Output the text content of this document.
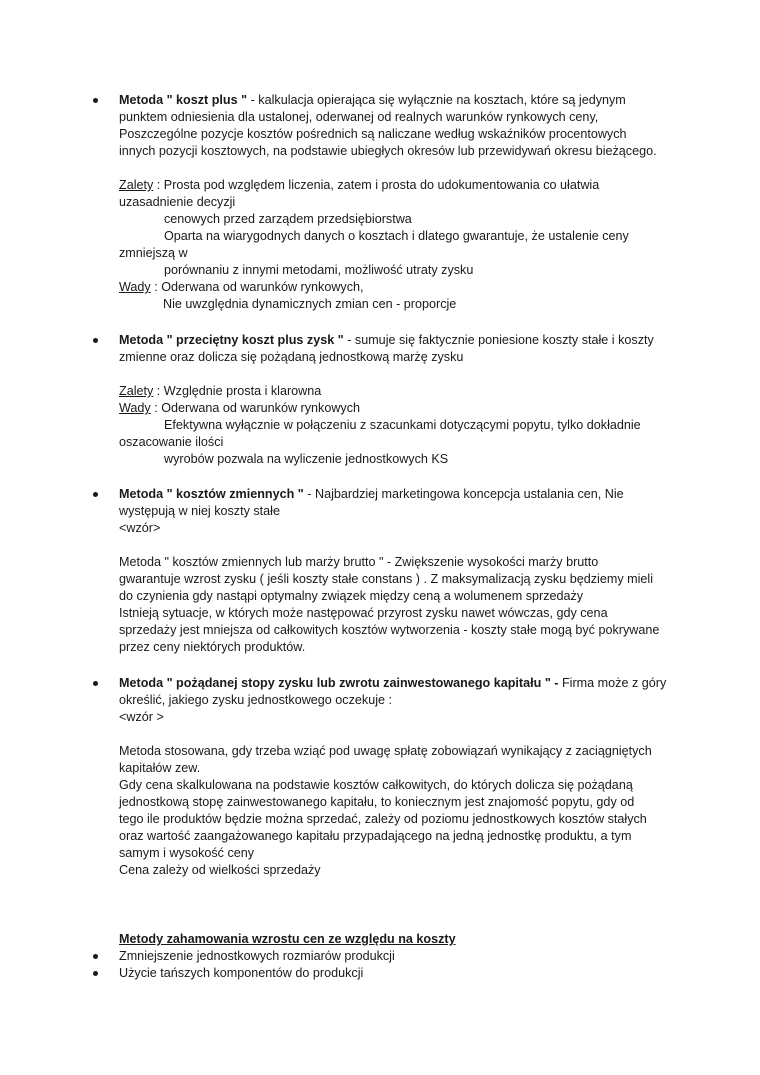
Metoda " koszt plus " - kalkulacja opierająca się wyłącznie na kosztach, które są jedynym
punktem odniesienia dla ustalonej, oderwanej od realnych warunków rynkowych ceny,
Poszczególne pozycje kosztów pośrednich są naliczane według wskaźników procentowych
innych pozycji kosztowych, na podstawie ubiegłych okresów lub przewidywań okresu bieżącego.
Zalety : Prosta pod względem liczenia, zatem i prosta do udokumentowania co ułatwia
uzasadnienie decyzji
cenowych przed zarządem przedsiębiorstwa
Oparta na wiarygodnych danych o kosztach i dlatego gwarantuje, że ustalenie ceny
zmniejszą w
porównaniu z innymi metodami, możliwość utraty zysku
Wady : Oderwana od warunków rynkowych,
Nie uwzględnia dynamicznych zmian cen - proporcje
Metoda " przeciętny koszt plus zysk " - sumuje się faktycznie poniesione koszty stałe i koszty
zmienne oraz dolicza się pożądaną jednostkową marżę zysku
Zalety : Względnie prosta i klarowna
Wady : Oderwana od warunków rynkowych
Efektywna wyłącznie w połączeniu z szacunkami dotyczącymi popytu, tylko dokładnie
oszacowanie ilości
wyrobów pozwala na wyliczenie jednostkowych KS
Metoda " kosztów zmiennych " - Najbardziej marketingowa koncepcja ustalania cen, Nie
występują w niej koszty stałe
<wzór>
Metoda " kosztów zmiennych lub marży brutto " - Zwiększenie wysokości marży brutto
gwarantuje wzrost zysku ( jeśli koszty stałe constans ) . Z maksymalizacją zysku będziemy mieli
do czynienia gdy nastąpi optymalny związek między ceną a wolumenem sprzedaży
Istnieją sytuacje, w których może następować przyrost zysku nawet wówczas, gdy cena
sprzedaży jest mniejsza od całkowitych kosztów wytworzenia - koszty stałe mogą być pokrywane
przez ceny niektórych produktów.
Metoda " pożądanej stopy zysku lub zwrotu zainwestowanego kapitału " - Firma może z góry
określić, jakiego zysku jednostkowego oczekuje :
<wzór >
Metoda stosowana, gdy trzeba wziąć pod uwagę spłatę zobowiązań wynikający z zaciągniętych
kapitałów zew.
Gdy cena skalkulowana na podstawie kosztów całkowitych, do których dolicza się pożądaną
jednostkową stopę zainwestowanego kapitału, to koniecznym jest znajomość popytu, gdy od
tego ile produktów będzie można sprzedać, zależy od poziomu jednostkowych kosztów stałych
oraz wartość zaangażowanego kapitału przypadającego na jedną jednostkę produktu, a tym
samym i wysokość ceny
Cena zależy od wielkości sprzedaży
Metody zahamowania wzrostu cen ze względu na koszty
Zmniejszenie jednostkowych rozmiarów produkcji
Użycie tańszych komponentów do produkcji
